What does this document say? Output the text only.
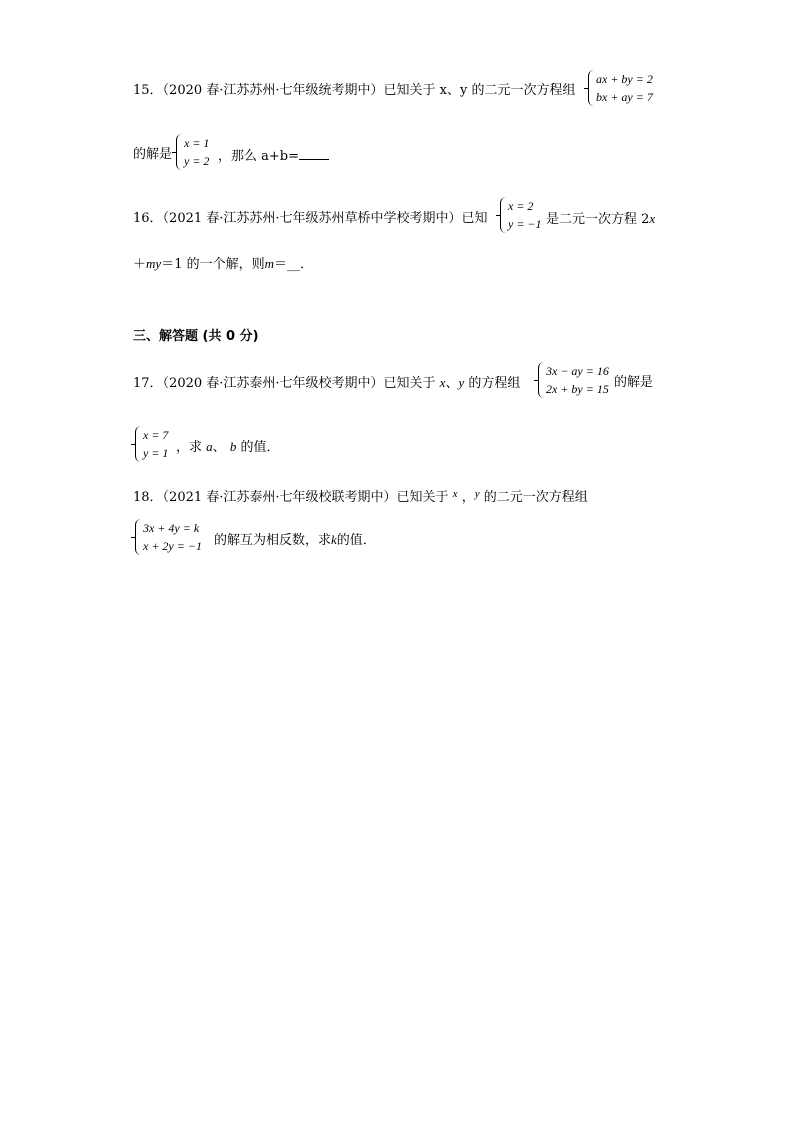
15．（2020 春·江苏苏州·七年级统考期中）已知关于 x、y 的二元一次方程组
ax + by = 2
bx + ay = 7
的解是
x = 1
y = 2 ，那么 a+b=
16．（2021 春·江苏苏州·七年级苏州草桥中学校考期中）已知
x = 2
y = −1 是二元一次方程 2x
＋my＝1 的一个解，则m＝__．
三、解答题 (共 0 分)
17．（2020 春·江苏泰州·七年级校考期中）已知关于 x、y 的方程组
3x − ay = 16
2x + by = 15 的解是
x = 7
y = 1 ，求 a、 b 的值．
18．（2021 春·江苏泰州·七年级校联考期中）已知关于 $^x$ ，$^y$ 的二元一次方程组
3x + 4y = k
x + 2y = −1 的解互为相反数，求k的值．
